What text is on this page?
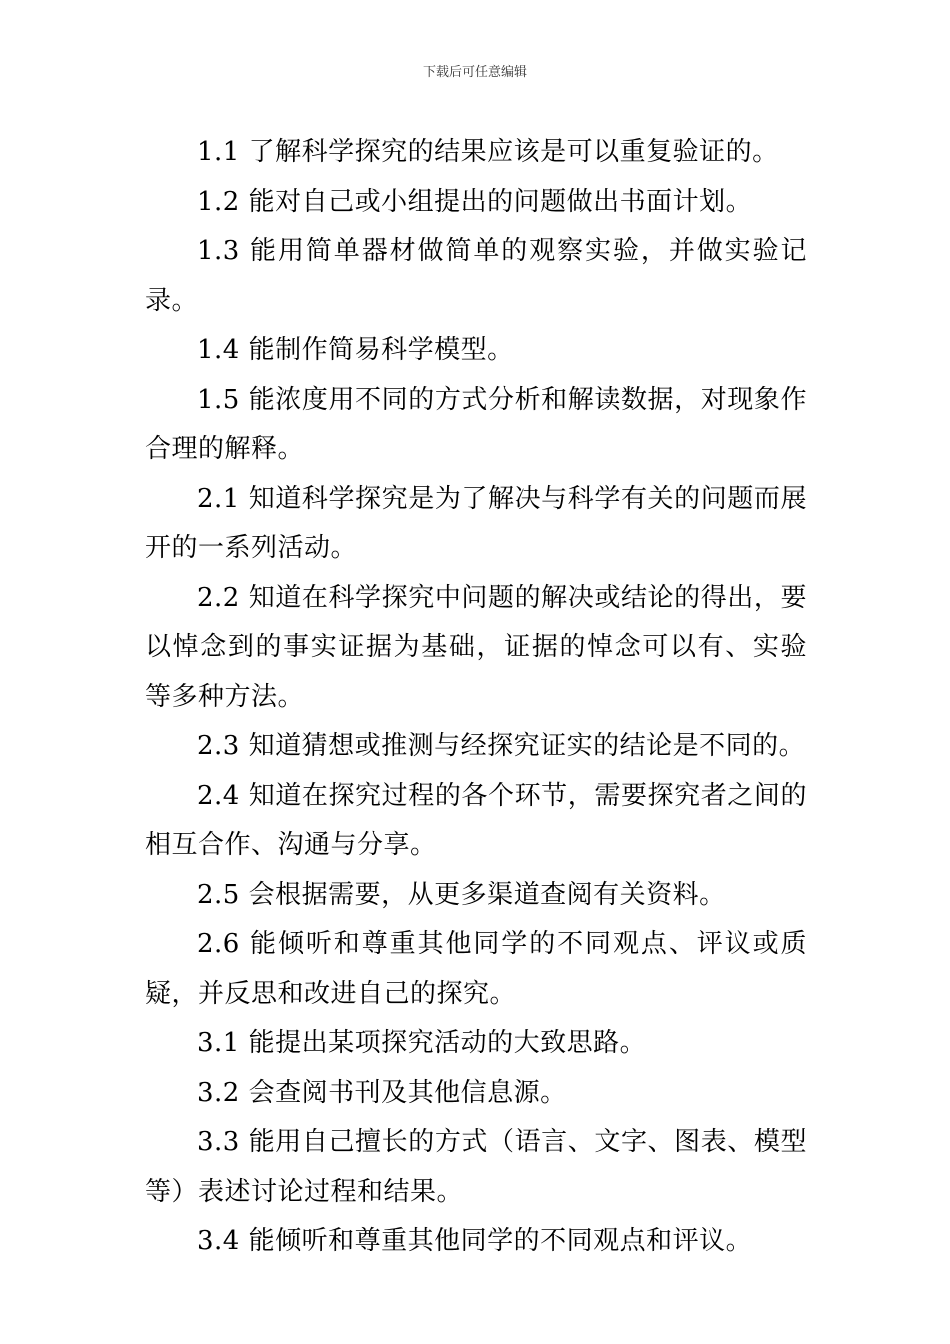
下载后可任意编辑

1.1 了解科学探究的结果应该是可以重复验证的。

1.2 能对自己或小组提出的问题做出书面计划。

1.3 能用简单器材做简单的观察实验，并做实验记录。

1.4 能制作简易科学模型。

1.5 能浓度用不同的方式分析和解读数据，对现象作合理的解释。

2.1 知道科学探究是为了解决与科学有关的问题而展开的一系列活动。

2.2 知道在科学探究中问题的解决或结论的得出，要以悼念到的事实证据为基础，证据的悼念可以有、实验等多种方法。

2.3 知道猜想或推测与经探究证实的结论是不同的。

2.4 知道在探究过程的各个环节，需要探究者之间的相互合作、沟通与分享。

2.5 会根据需要，从更多渠道查阅有关资料。

2.6 能倾听和尊重其他同学的不同观点、评议或质疑，并反思和改进自己的探究。

3.1 能提出某项探究活动的大致思路。

3.2 会查阅书刊及其他信息源。

3.3 能用自己擅长的方式（语言、文字、图表、模型等）表述讨论过程和结果。

3.4 能倾听和尊重其他同学的不同观点和评议。
